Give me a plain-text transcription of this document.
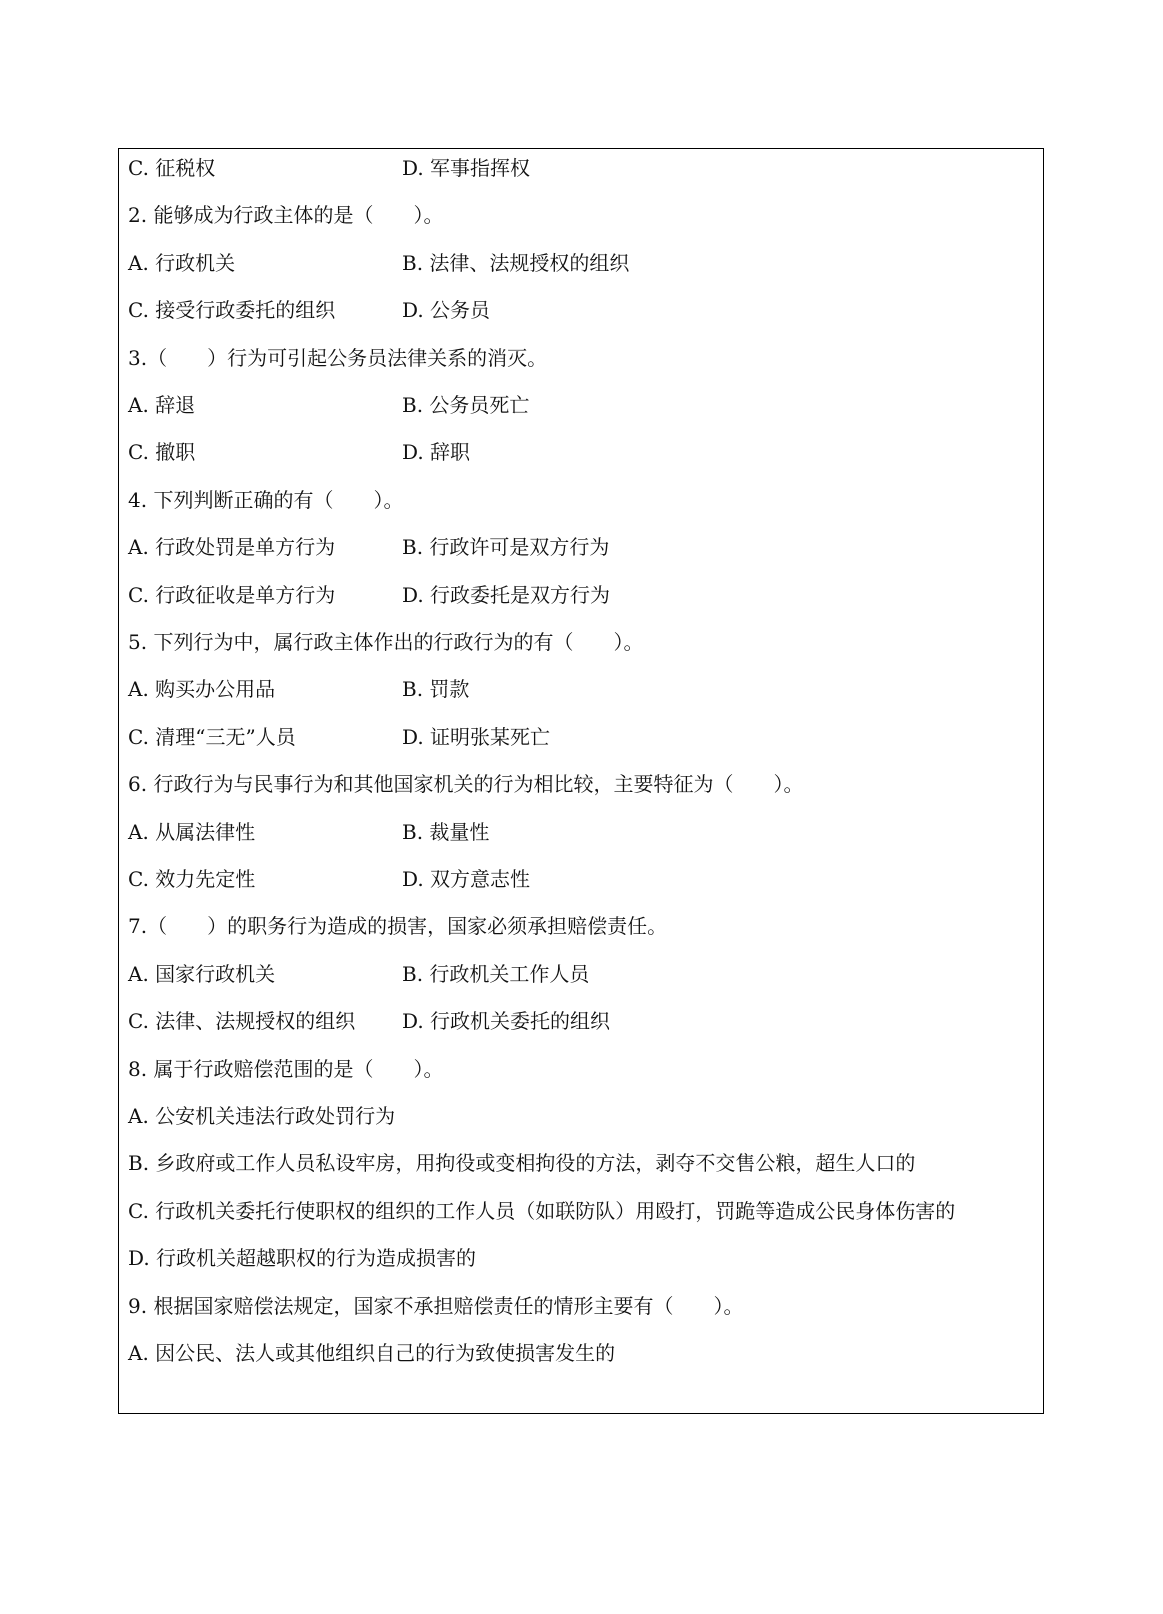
C. 征税权	D. 军事指挥权
2. 能够成为行政主体的是（　　）。
A. 行政机关	B. 法律、法规授权的组织
C. 接受行政委托的组织	D. 公务员
3.（　　）行为可引起公务员法律关系的消灭。
A. 辞退	B. 公务员死亡
C. 撤职	D. 辞职
4. 下列判断正确的有（　　）。
A. 行政处罚是单方行为	B. 行政许可是双方行为
C. 行政征收是单方行为	D. 行政委托是双方行为
5. 下列行为中，属行政主体作出的行政行为的有（　　）。
A. 购买办公用品	B. 罚款
C. 清理“三无”人员	D. 证明张某死亡
6. 行政行为与民事行为和其他国家机关的行为相比较，主要特征为（　　）。
A. 从属法律性	B. 裁量性
C. 效力先定性	D. 双方意志性
7.（　　）的职务行为造成的损害，国家必须承担赔偿责任。
A. 国家行政机关	B. 行政机关工作人员
C. 法律、法规授权的组织	D. 行政机关委托的组织
8. 属于行政赔偿范围的是（　　）。
A. 公安机关违法行政处罚行为
B. 乡政府或工作人员私设牢房，用拘役或变相拘役的方法，剥夺不交售公粮，超生人口的
C. 行政机关委托行使职权的组织的工作人员（如联防队）用殴打，罚跪等造成公民身体伤害的
D. 行政机关超越职权的行为造成损害的
9. 根据国家赔偿法规定，国家不承担赔偿责任的情形主要有（　　）。
A. 因公民、法人或其他组织自己的行为致使损害发生的
